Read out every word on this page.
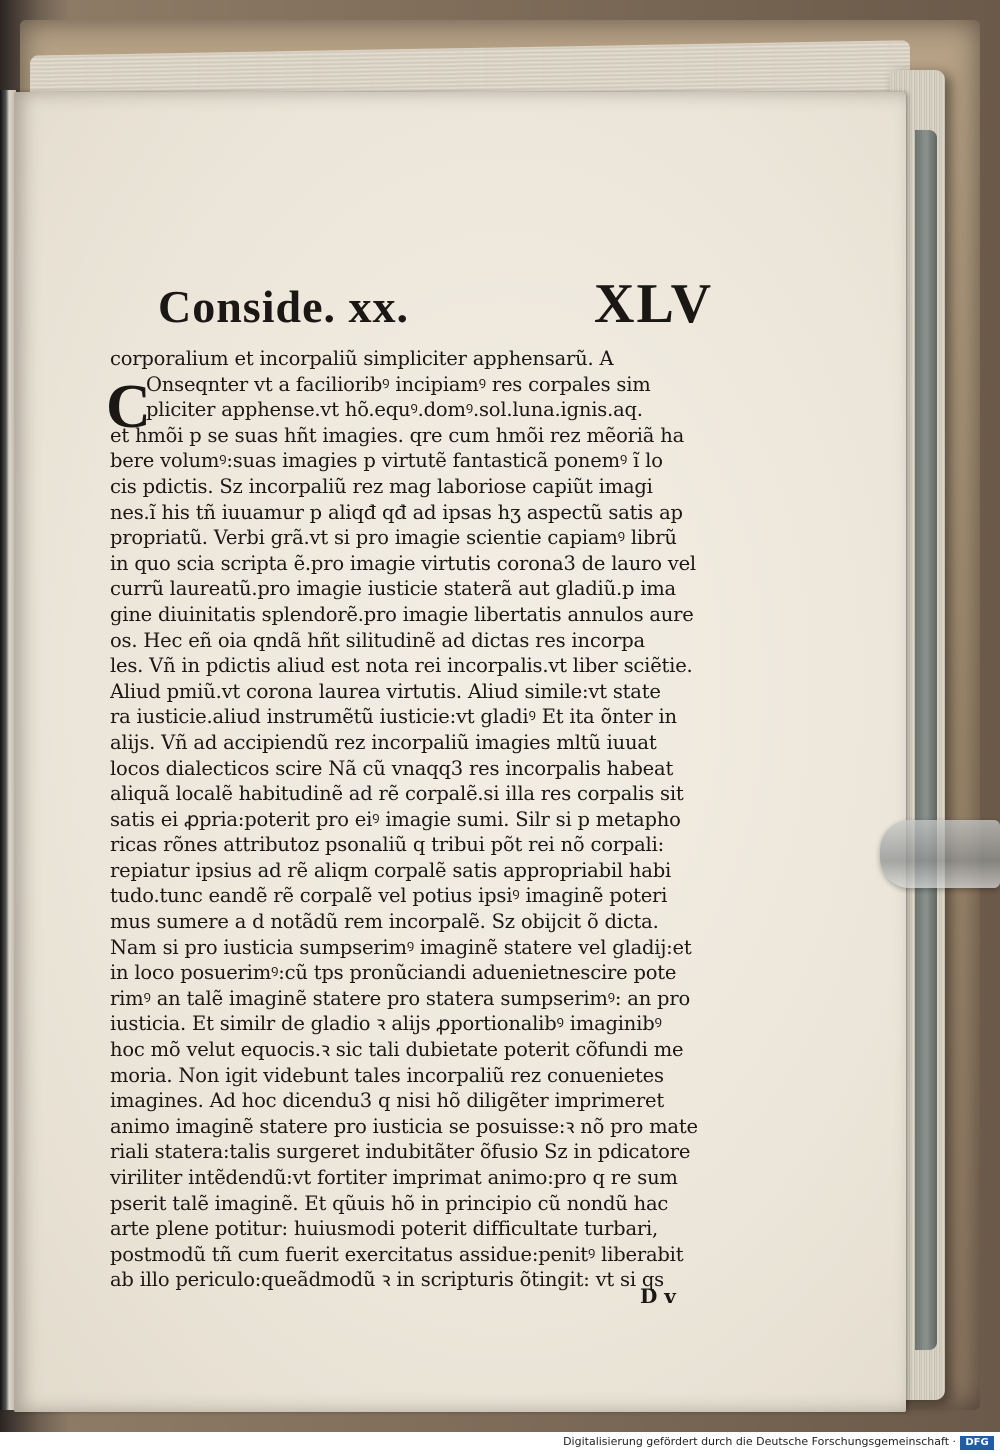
Conside. xx.	XLV
C
corporalium et incorpaliũ simpliciter apphensarũ. A
Onseqnter vt a facilioribꝰ incipiamꝰ res corpales sim
pliciter apphense.vt hõ.equꝰ.domꝰ.sol.luna.ignis.aq.
et hmõi p se suas hñt imagies. qre cum hmõi rez mẽoriã ha
bere volumꝰ:suas imagies p virtutẽ fantasticã ponemꝰ ĩ lo
cis pdictis. Sz incorpaliũ rez mag laboriose capiũt imagi
nes.ĩ his tñ iuuamur p aliqđ qđ ad ipsas hʒ aspectũ satis ap
propriatũ. Verbi grã.vt si pro imagie scientie capiamꝰ librũ
in quo scia scripta ẽ.pro imagie virtutis corona3 de lauro vel
currũ laureatũ.pro imagie iusticie staterã aut gladiũ.p ima
gine diuinitatis splendorẽ.pro imagie libertatis annulos aure
os. Hec eñ oia qndã hñt silitudinẽ ad dictas res incorpa
les. Vñ in pdictis aliud est nota rei incorpalis.vt liber sciẽtie.
Aliud pmiũ.vt corona laurea virtutis. Aliud simile:vt state
ra iusticie.aliud instrumẽtũ iusticie:vt gladiꝰ Et ita õnter in
alijs. Vñ ad accipiendũ rez incorpaliũ imagies mltũ iuuat
locos dialecticos scire Nã cũ vnaqq3 res incorpalis habeat
aliquã localẽ habitudinẽ ad rẽ corpalẽ.si illa res corpalis sit
satis ei ꝓpria:poterit pro eiꝰ imagie sumi. Silr si p metapho
ricas rõnes attributoz psonaliũ q tribui põt rei nõ corpali:
repiatur ipsius ad rẽ aliqm corpalẽ satis appropriabil habi
tudo.tunc eandẽ rẽ corpalẽ vel potius ipsiꝰ imaginẽ poteri
mus sumere a d notãdũ rem incorpalẽ. Sz obijcit õ dicta.
Nam si pro iusticia sumpserimꝰ imaginẽ statere vel gladij:et
in loco posuerimꝰ:cũ tps pronũciandi aduenietnescire pote
rimꝰ an talẽ imaginẽ statere pro statera sumpserimꝰ: an pro
iusticia. Et similr de gladio ꝛ alijs ꝓportionalibꝰ imaginibꝰ
hoc mõ velut equocis.ꝛ sic tali dubietate poterit cõfundi me
moria. Non igit videbunt tales incorpaliũ rez conuenietes
imagines. Ad hoc dicendu3 q nisi hõ diligẽter imprimeret
animo imaginẽ statere pro iusticia se posuisse:ꝛ nõ pro mate
riali statera:talis surgeret indubitãter õfusio Sz in pdicatore
viriliter intẽdendũ:vt fortiter imprimat animo:pro q re sum
pserit talẽ imaginẽ. Et qũuis hõ in principio cũ nondũ hac
arte plene potitur: huiusmodi poterit difficultate turbari,
postmodũ tñ cum fuerit exercitatus assidue:penitꝰ liberabit
ab illo periculo:queãdmodũ ꝛ in scripturis õtingit: vt si qs
D v
Digitalisierung gefördert durch die Deutsche Forschungsgemeinschaft · DFG
